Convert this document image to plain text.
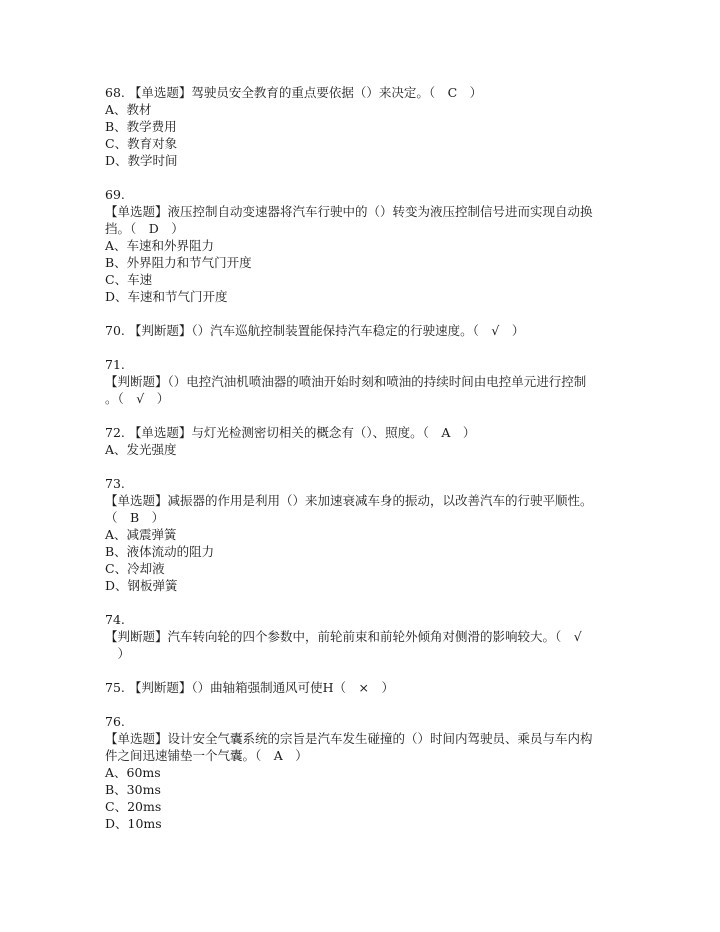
68. 【单选题】驾驶员安全教育的重点要依据（）来决定。（　C　）
A、教材
B、教学费用
C、教育对象
D、教学时间
69.
【单选题】液压控制自动变速器将汽车行驶中的（）转变为液压控制信号进而实现自动换
挡。（　D　）
A、车速和外界阻力
B、外界阻力和节气门开度
C、车速
D、车速和节气门开度
70. 【判断题】（）汽车巡航控制装置能保持汽车稳定的行驶速度。（　√　）
71.
【判断题】（）电控汽油机喷油器的喷油开始时刻和喷油的持续时间由电控单元进行控制
。（　√　）
72. 【单选题】与灯光检测密切相关的概念有（）、照度。（　A　）
A、发光强度
73.
【单选题】减振器的作用是利用（）来加速衰减车身的振动，以改善汽车的行驶平顺性。
（　B　）
A、减震弹簧
B、液体流动的阻力
C、冷却液
D、钢板弹簧
74.
【判断题】汽车转向轮的四个参数中，前轮前束和前轮外倾角对侧滑的影响较大。（　√
　）
75. 【判断题】（）曲轴箱强制通风可使H（　×　）
76.
【单选题】设计安全气囊系统的宗旨是汽车发生碰撞的（）时间内驾驶员、乘员与车内构
件之间迅速铺垫一个气囊。（　A　）
A、60ms
B、30ms
C、20ms
D、10ms
